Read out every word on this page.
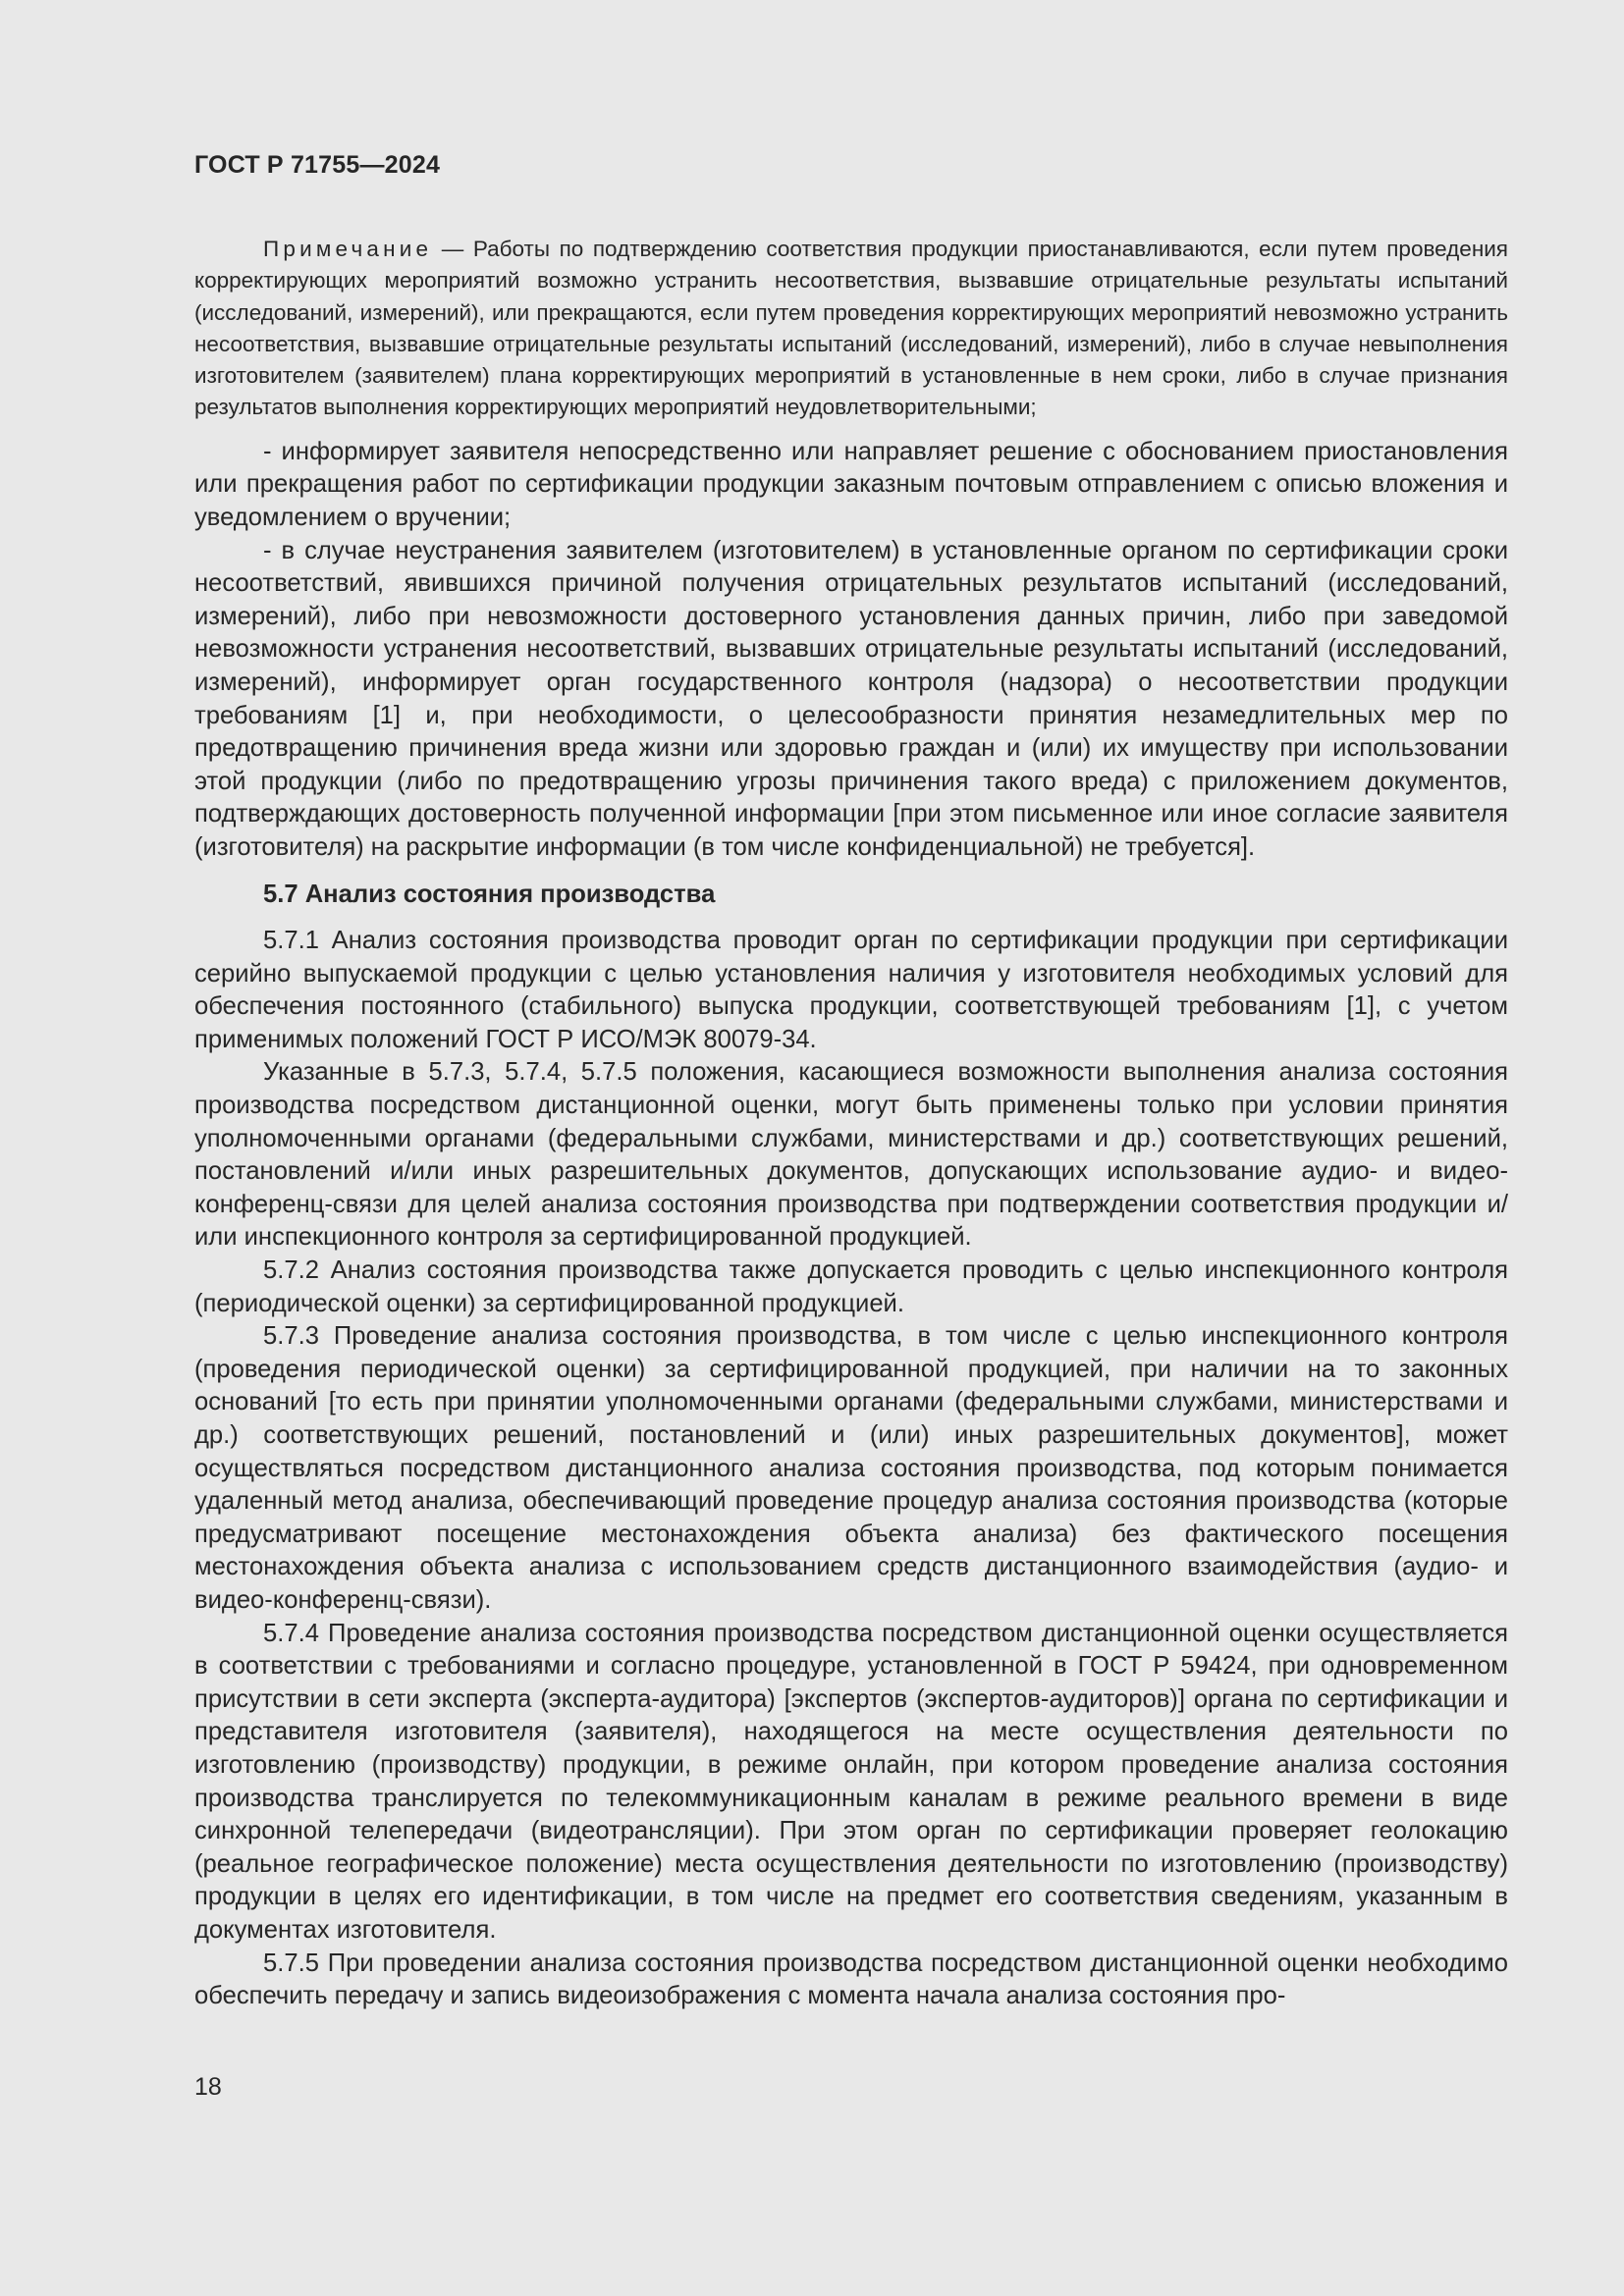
ГОСТ Р 71755—2024

Примечание — Работы по подтверждению соответствия продукции приостанавливаются, если путем проведения корректирующих мероприятий возможно устранить несоответствия, вызвавшие отрицательные результаты испытаний (исследований, измерений), или прекращаются, если путем проведения корректирующих мероприятий невозможно устранить несоответствия, вызвавшие отрицательные результаты испытаний (исследований, измерений), либо в случае невыполнения изготовителем (заявителем) плана корректирующих мероприятий в установленные в нем сроки, либо в случае признания результатов выполнения корректирующих мероприятий неудовлетворительными;

- информирует заявителя непосредственно или направляет решение с обоснованием приостановления или прекращения работ по сертификации продукции заказным почтовым отправлением с описью вложения и уведомлением о вручении;

- в случае неустранения заявителем (изготовителем) в установленные органом по сертификации сроки несоответствий, явившихся причиной получения отрицательных результатов испытаний (исследований, измерений), либо при невозможности достоверного установления данных причин, либо при заведомой невозможности устранения несоответствий, вызвавших отрицательные результаты испытаний (исследований, измерений), информирует орган государственного контроля (надзора) о несоответствии продукции требованиям [1] и, при необходимости, о целесообразности принятия незамедлительных мер по предотвращению причинения вреда жизни или здоровью граждан и (или) их имуществу при использовании этой продукции (либо по предотвращению угрозы причинения такого вреда) с приложением документов, подтверждающих достоверность полученной информации [при этом письменное или иное согласие заявителя (изготовителя) на раскрытие информации (в том числе конфиденциальной) не требуется].

5.7 Анализ состояния производства

5.7.1 Анализ состояния производства проводит орган по сертификации продукции при сертификации серийно выпускаемой продукции с целью установления наличия у изготовителя необходимых условий для обеспечения постоянного (стабильного) выпуска продукции, соответствующей требованиям [1], с учетом применимых положений ГОСТ Р ИСО/МЭК 80079-34.

Указанные в 5.7.3, 5.7.4, 5.7.5 положения, касающиеся возможности выполнения анализа состояния производства посредством дистанционной оценки, могут быть применены только при условии принятия уполномоченными органами (федеральными службами, министерствами и др.) соответствующих решений, постановлений и/или иных разрешительных документов, допускающих использование аудио- и видео-конференц-связи для целей анализа состояния производства при подтверждении соответствия продукции и/или инспекционного контроля за сертифицированной продукцией.

5.7.2 Анализ состояния производства также допускается проводить с целью инспекционного контроля (периодической оценки) за сертифицированной продукцией.

5.7.3 Проведение анализа состояния производства, в том числе с целью инспекционного контроля (проведения периодической оценки) за сертифицированной продукцией, при наличии на то законных оснований [то есть при принятии уполномоченными органами (федеральными службами, министерствами и др.) соответствующих решений, постановлений и (или) иных разрешительных документов], может осуществляться посредством дистанционного анализа состояния производства, под которым понимается удаленный метод анализа, обеспечивающий проведение процедур анализа состояния производства (которые предусматривают посещение местонахождения объекта анализа) без фактического посещения местонахождения объекта анализа с использованием средств дистанционного взаимодействия (аудио- и видео-конференц-связи).

5.7.4 Проведение анализа состояния производства посредством дистанционной оценки осуществляется в соответствии с требованиями и согласно процедуре, установленной в ГОСТ Р 59424, при одновременном присутствии в сети эксперта (эксперта-аудитора) [экспертов (экспертов-аудиторов)] органа по сертификации и представителя изготовителя (заявителя), находящегося на месте осуществления деятельности по изготовлению (производству) продукции, в режиме онлайн, при котором проведение анализа состояния производства транслируется по телекоммуникационным каналам в режиме реального времени в виде синхронной телепередачи (видеотрансляции). При этом орган по сертификации проверяет геолокацию (реальное географическое положение) места осуществления деятельности по изготовлению (производству) продукции в целях его идентификации, в том числе на предмет его соответствия сведениям, указанным в документах изготовителя.

5.7.5 При проведении анализа состояния производства посредством дистанционной оценки необходимо обеспечить передачу и запись видеоизображения с момента начала анализа состояния про-

18
